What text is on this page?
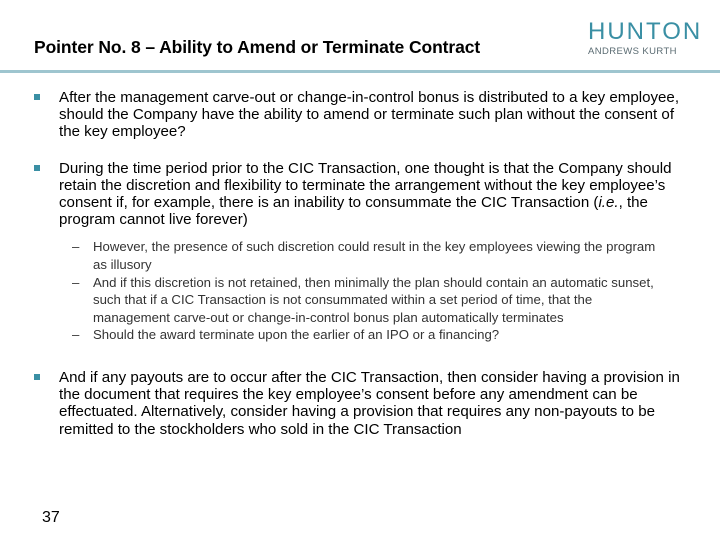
Pointer No. 8 – Ability to Amend or Terminate Contract
HUNTON
ANDREWS KURTH
After the management carve-out or change-in-control bonus is distributed to a key employee, should the Company have the ability to amend or terminate such plan without the consent of the key employee?
During the time period prior to the CIC Transaction, one thought is that the Company should retain the discretion and flexibility to terminate the arrangement without the key employee’s consent if, for example, there is an inability to consummate the CIC Transaction (i.e., the program cannot live forever)
– However, the presence of such discretion could result in the key employees viewing the program as illusory
– And if this discretion is not retained, then minimally the plan should contain an automatic sunset, such that if a CIC Transaction is not consummated within a set period of time, that the management carve-out or change-in-control bonus plan automatically terminates
– Should the award terminate upon the earlier of an IPO or a financing?
And if any payouts are to occur after the CIC Transaction, then consider having a provision in the document that requires the key employee’s consent before any amendment can be effectuated. Alternatively, consider having a provision that requires any non-payouts to be remitted to the stockholders who sold in the CIC Transaction
37
